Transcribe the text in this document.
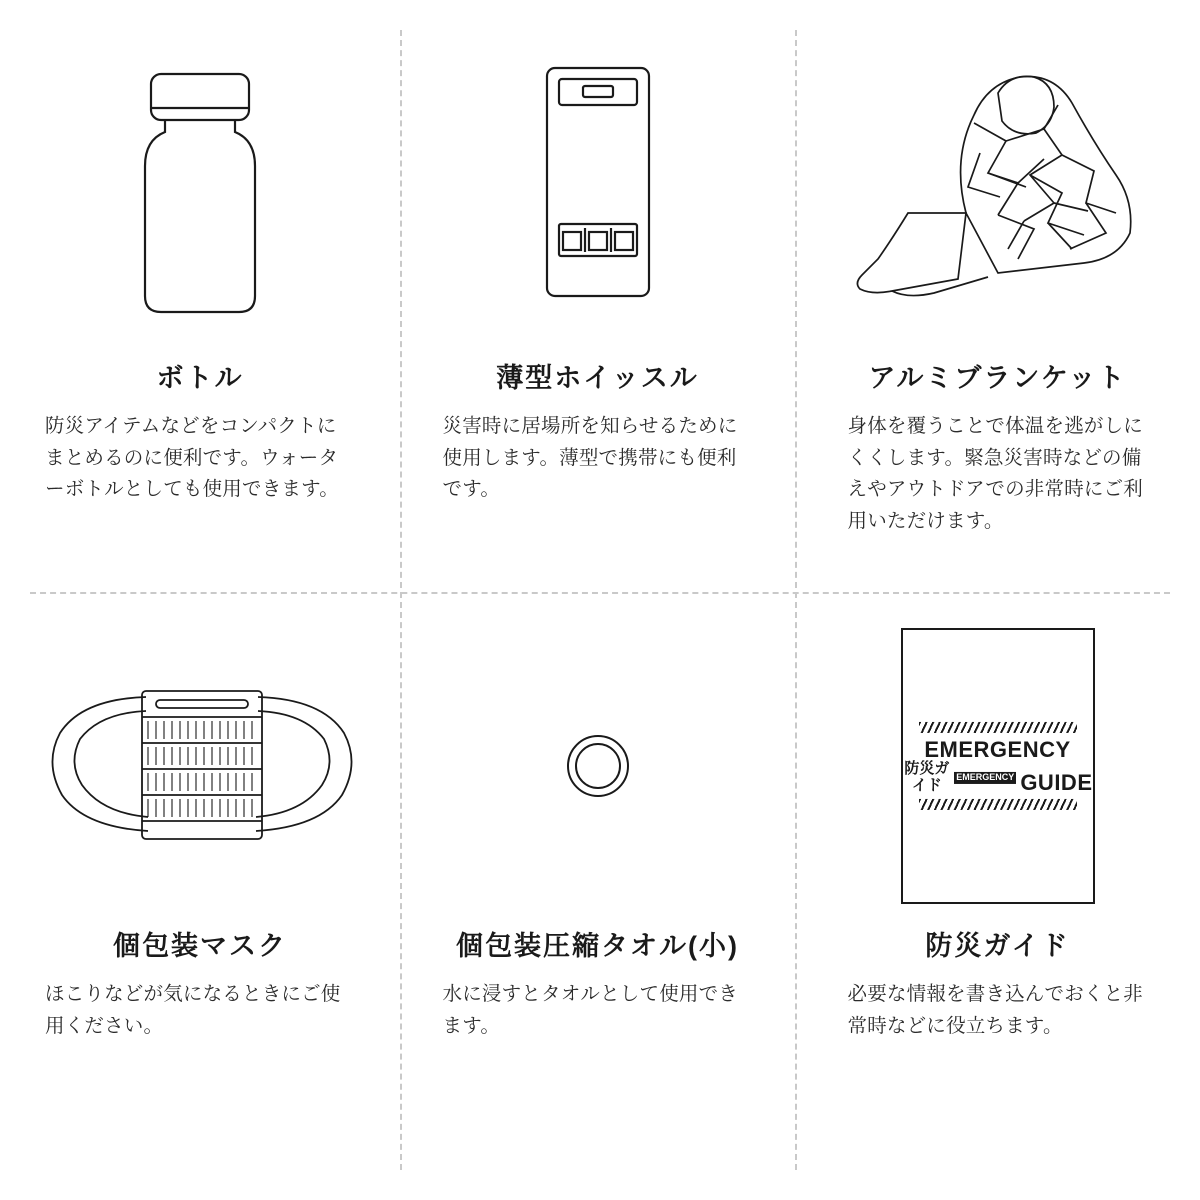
ボトル
防災アイテムなどをコンパクトにまとめるのに便利です。ウォーターボトルとしても使用できます。
薄型ホイッスル
災害時に居場所を知らせるために使用します。薄型で携帯にも便利です。
アルミブランケット
身体を覆うことで体温を逃がしにくくします。緊急災害時などの備えやアウトドアでの非常時にご利用いただけます。
個包装マスク
ほこりなどが気になるときにご使用ください。
個包装圧縮タオル(小)
水に浸すとタオルとして使用できます。
EMERGENCY
防災ガイド	EMERGENCY GUIDE
防災ガイド
必要な情報を書き込んでおくと非常時などに役立ちます。
